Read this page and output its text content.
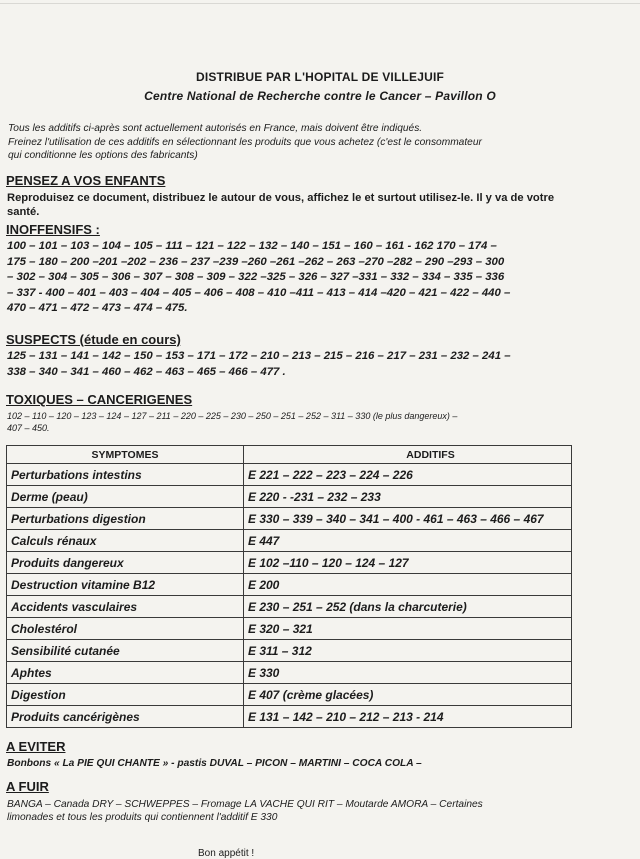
DISTRIBUE PAR L'HOPITAL DE VILLEJUIF
Centre National de Recherche contre le Cancer – Pavillon O
Tous les additifs ci-après sont actuellement autorisés en France, mais doivent être indiqués.
Freinez l'utilisation de ces additifs en sélectionnant les produits que vous achetez (c'est le consommateur
qui conditionne les options des fabricants)
PENSEZ A VOS ENFANTS
Reproduisez ce document, distribuez le autour de vous, affichez le et surtout utilisez-le. Il y va de votre santé.
INOFFENSIFS :
100 – 101 – 103 – 104 – 105 – 111 – 121 – 122 – 132 – 140 – 151 – 160 – 161 - 162 170 – 174 –
175 – 180 – 200 –201 –202 – 236 – 237 –239 –260 –261 –262 – 263 –270 –282 – 290 –293 – 300
– 302 – 304 – 305 – 306 – 307 – 308 – 309 – 322 –325 – 326 – 327 –331 – 332 – 334 – 335 – 336
– 337 - 400 – 401 – 403 – 404 – 405 – 406 – 408 – 410 –411 – 413 – 414 –420 – 421 – 422 – 440 –
470 – 471 – 472 – 473 – 474 – 475.
SUSPECTS (étude en cours)
125 – 131 – 141 – 142 – 150 – 153 – 171 – 172 – 210 – 213 – 215 – 216 – 217 – 231 – 232 – 241 –
338 – 340 – 341 – 460 – 462 – 463 – 465 – 466 – 477 .
TOXIQUES – CANCERIGENES
102 – 110 – 120 – 123 – 124 – 127 – 211 – 220 – 225 – 230 – 250 – 251 – 252 – 311 – 330 (le plus dangereux) –
407 – 450.
SYMPTOMES	ADDITIFS
Perturbations intestins	E 221 – 222 – 223 – 224 – 226
Derme (peau)	E 220 - -231 – 232 – 233
Perturbations digestion	E 330 – 339 – 340 – 341 – 400 - 461 – 463 – 466 – 467
Calculs rénaux	E 447
Produits dangereux	E 102 –110 – 120 – 124 – 127
Destruction vitamine B12	E 200
Accidents vasculaires	E 230 – 251 – 252 (dans la charcuterie)
Cholestérol	E 320 – 321
Sensibilité cutanée	E 311 – 312
Aphtes	E 330
Digestion	E 407 (crème glacées)
Produits cancérigènes	E 131 – 142 – 210 – 212 – 213 - 214
A EVITER
Bonbons « La PIE QUI CHANTE » - pastis DUVAL – PICON – MARTINI – COCA COLA –
A FUIR
BANGA – Canada DRY – SCHWEPPES – Fromage LA VACHE QUI RIT – Moutarde AMORA – Certaines
limonades et tous les produits qui contiennent l'additif E 330
Bon appétit !
